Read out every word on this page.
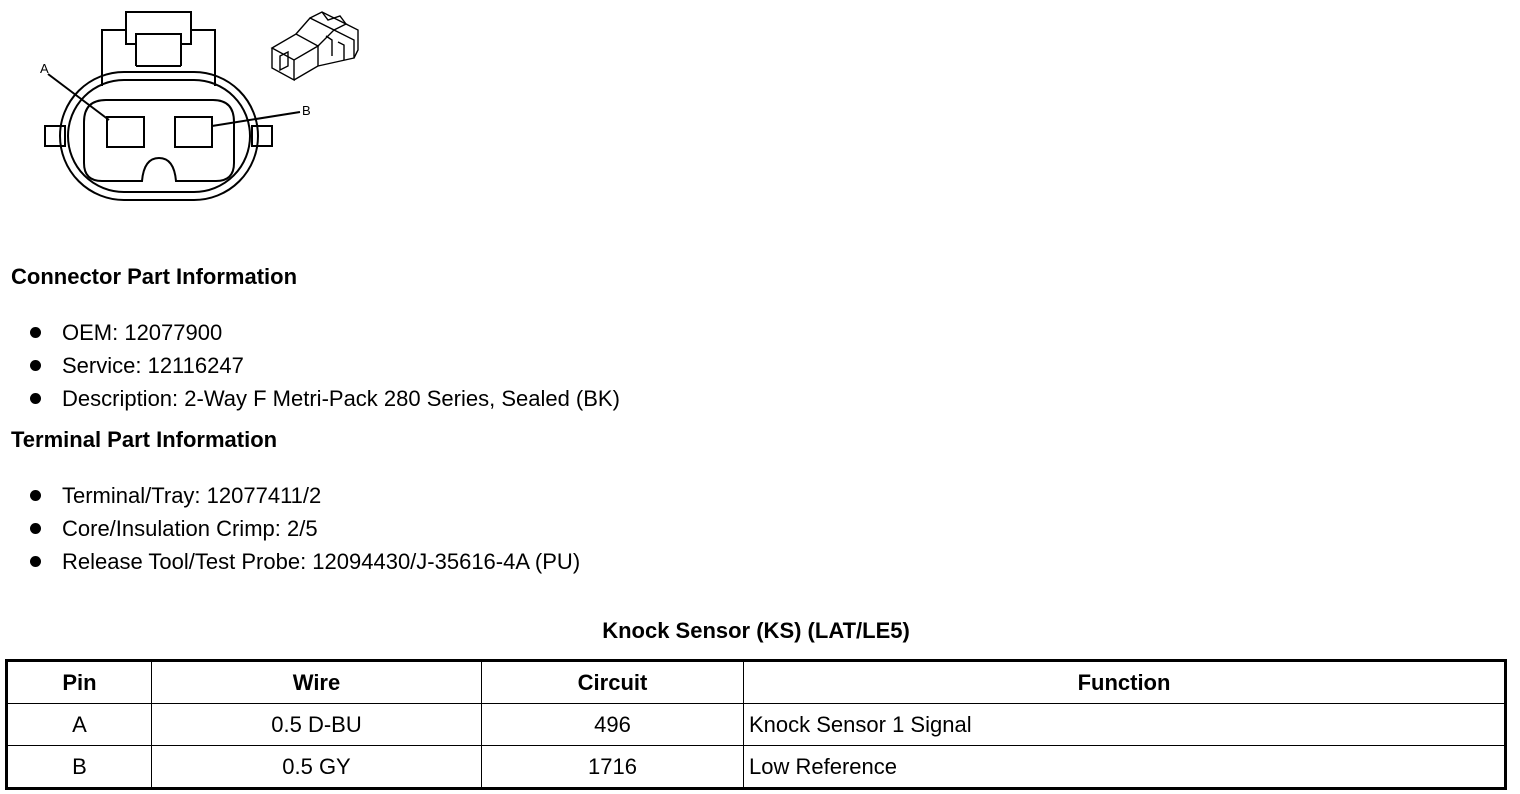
A
B
Connector Part Information
OEM: 12077900
Service: 12116247
Description: 2-Way F Metri-Pack 280 Series, Sealed (BK)
Terminal Part Information
Terminal/Tray: 12077411/2
Core/Insulation Crimp: 2/5
Release Tool/Test Probe: 12094430/J-35616-4A (PU)
Knock Sensor (KS) (LAT/LE5)
Pin	Wire	Circuit	Function
A	0.5 D-BU	496	Knock Sensor 1 Signal
B	0.5 GY	1716	Low Reference
